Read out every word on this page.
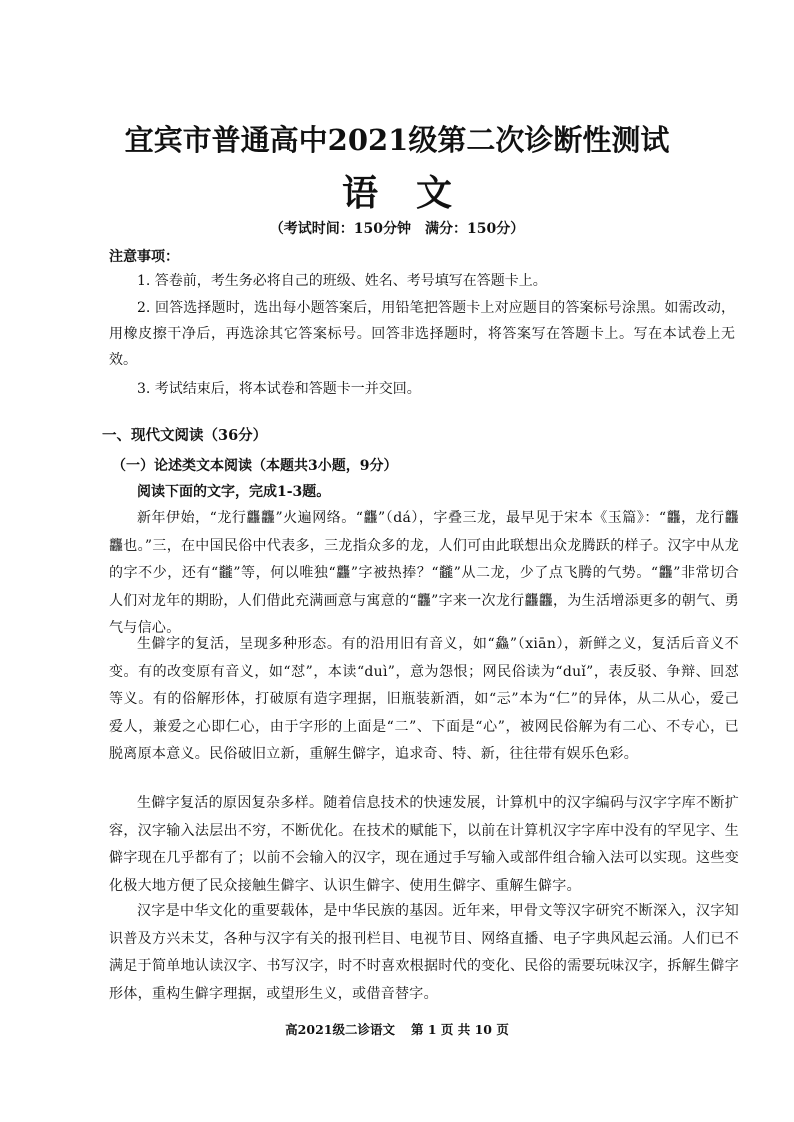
宜宾市普通高中2021级第二次诊断性测试
语文
（考试时间：150分钟 满分：150分）
注意事项：
1. 答卷前，考生务必将自己的班级、姓名、考号填写在答题卡上。
2. 回答选择题时，选出每小题答案后，用铅笔把答题卡上对应题目的答案标号涂黑。如需改动，用橡皮擦干净后，再选涂其它答案标号。回答非选择题时，将答案写在答题卡上。写在本试卷上无效。
3. 考试结束后，将本试卷和答题卡一并交回。
一、现代文阅读（36分）
（一）论述类文本阅读（本题共3小题，9分）
阅读下面的文字，完成1-3题。
新年伊始，“龙行龘龘”火遍网络。“龘”（dá），字叠三龙，最早见于宋本《玉篇》：“龘，龙行龘龘也。”三，在中国民俗中代表多，三龙指众多的龙，人们可由此联想出众龙腾跃的样子。汉字中从龙的字不少，还有“龖”等，何以唯独“龘”字被热捧？“龖”从二龙，少了点飞腾的气势。“龘”非常切合人们对龙年的期盼，人们借此充满画意与寓意的“龘”字来一次龙行龘龘，为生活增添更多的朝气、勇气与信心。
生僻字的复活，呈现多种形态。有的沿用旧有音义，如“鱻”（xiān），新鲜之义，复活后音义不变。有的改变原有音义，如“怼”，本读“duì”，意为怨恨；网民俗读为“duǐ”，表反驳、争辩、回怼等义。有的俗解形体，打破原有造字理据，旧瓶装新酒，如“忈”本为“仁”的异体，从二从心，爱己爱人，兼爱之心即仁心，由于字形的上面是“二”、下面是“心”，被网民俗解为有二心、不专心，已脱离原本意义。民俗破旧立新，重解生僻字，追求奇、特、新，往往带有娱乐色彩。
生僻字复活的原因复杂多样。随着信息技术的快速发展，计算机中的汉字编码与汉字字库不断扩容，汉字输入法层出不穷，不断优化。在技术的赋能下，以前在计算机汉字字库中没有的罕见字、生僻字现在几乎都有了；以前不会输入的汉字，现在通过手写输入或部件组合输入法可以实现。这些变化极大地方便了民众接触生僻字、认识生僻字、使用生僻字、重解生僻字。
汉字是中华文化的重要载体，是中华民族的基因。近年来，甲骨文等汉字研究不断深入，汉字知识普及方兴未艾，各种与汉字有关的报刊栏目、电视节目、网络直播、电子字典风起云涌。人们已不满足于简单地认读汉字、书写汉字，时不时喜欢根据时代的变化、民俗的需要玩味汉字，拆解生僻字形体，重构生僻字理据，或望形生义，或借音替字。
高2021级二诊语文 第 1 页 共 10 页
